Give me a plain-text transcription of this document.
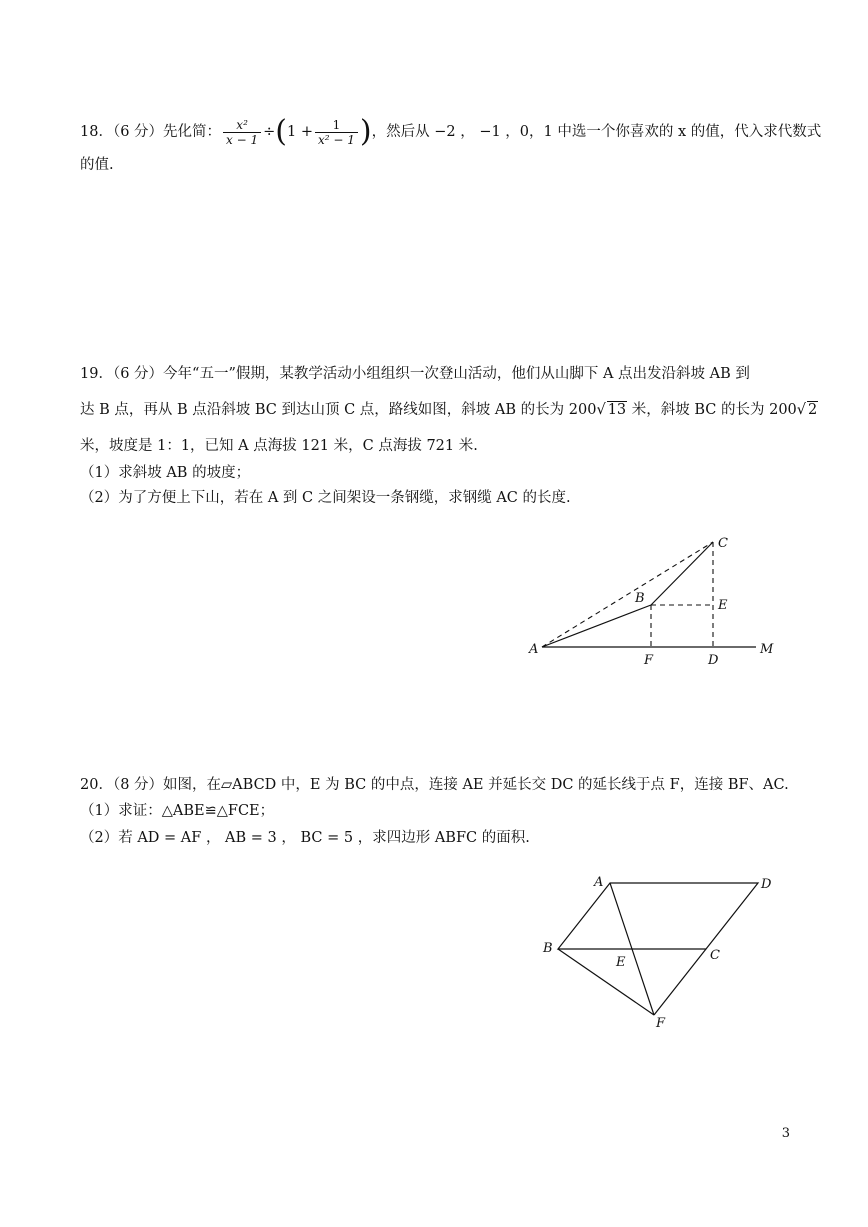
18．（6 分）先化简： $\frac{\text{x²}}{x - 1} \div(1 + \frac{1}{\text{x² − 1}}$ )，然后从 −2 ， −1 ，0，1 中选一个你喜欢的 x 的值，代入求代数式
的值.
19．（6 分）今年“五一”假期，某教学活动小组组织一次登山活动，他们从山脚下 A 点出发沿斜坡 AB 到
达 B 点，再从 B 点沿斜坡 BC 到达山顶 C 点，路线如图，斜坡 AB 的长为 200√ 13 米，斜坡 BC 的长为 200√ 2
米，坡度是 1：1，已知 A 点海拔 121 米，C 点海拔 721 米.
（1）求斜坡 AB 的坡度；
（2）为了方便上下山，若在 A 到 C 之间架设一条钢缆，求钢缆 AC 的长度.
A
B
C
D
E
F
M
20．（8 分）如图，在▱ABCD 中，E 为 BC 的中点，连接 AE 并延长交 DC 的延长线于点 F，连接 BF、AC.
（1）求证：△ABE≌△FCE；
（2）若 AD = AF ， AB = 3 ， BC = 5 ，求四边形 ABFC 的面积.
A	D
B	C
E
F
3
